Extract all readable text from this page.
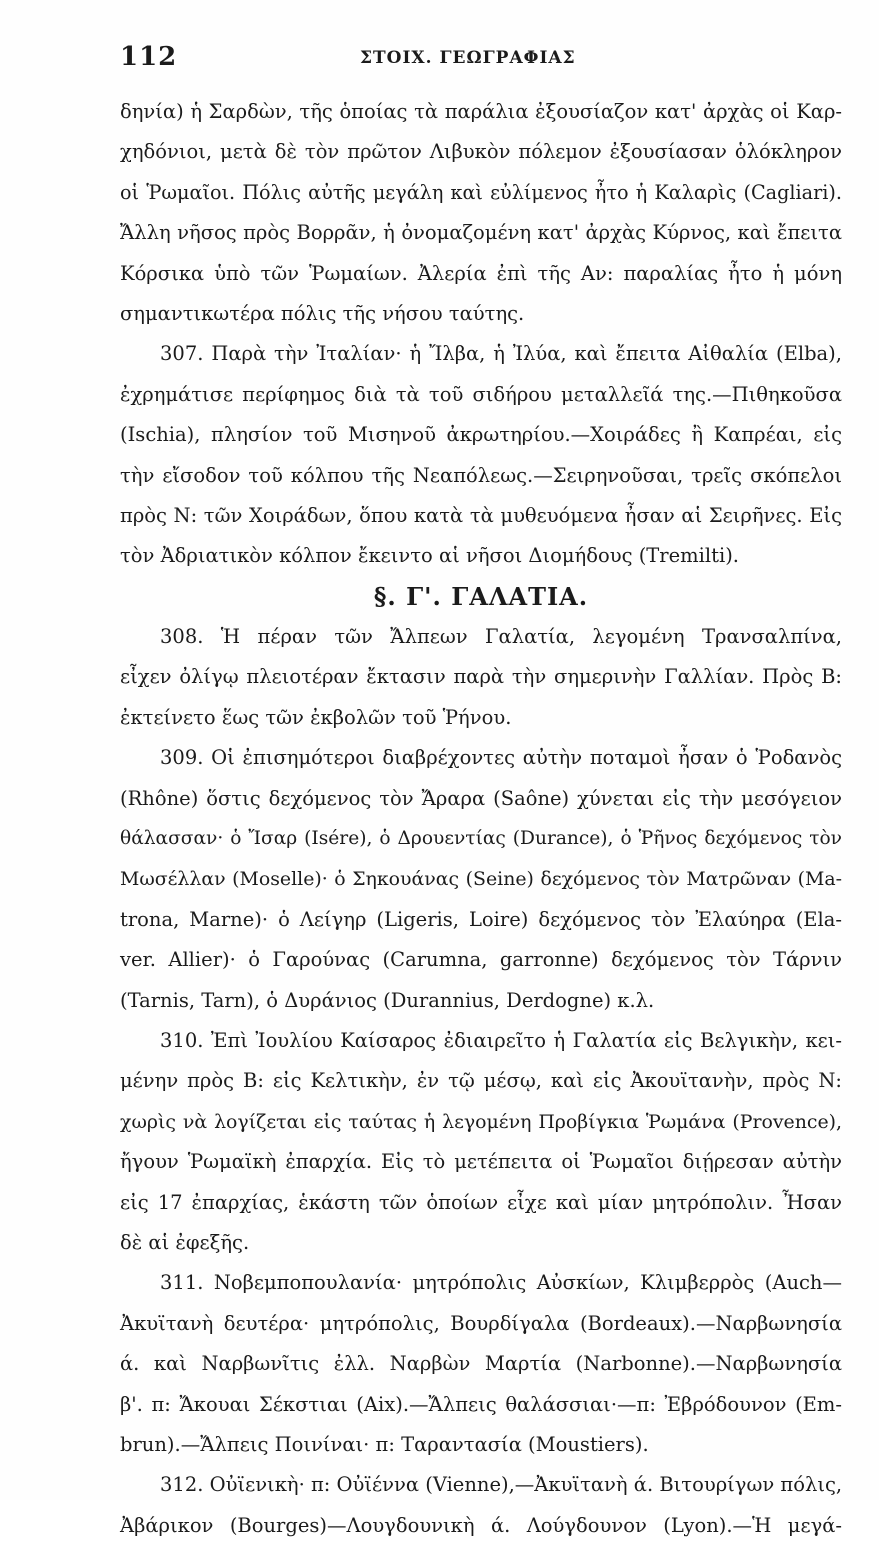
112	ΣΤΟΙΧ. ΓΕΩΓΡΑΦΙΑΣ
δηνία) ἡ Σαρδὼν, τῆς ὁποίας τὰ παράλια ἐξουσίαζον κατ' ἀρχὰς οἱ Καρ-
χηδόνιοι, μετὰ δὲ τὸν πρῶτον Λιβυκὸν πόλεμον ἐξουσίασαν ὁλόκληρον
οἱ Ῥωμαῖοι. Πόλις αὐτῆς μεγάλη καὶ εὐλίμενος ἦτο ἡ Καλαρὶς (Cagliari).
Ἄλλη νῆσος πρὸς Βορρᾶν, ἡ ὀνομαζομένη κατ' ἀρχὰς Κύρνος, καὶ ἔπειτα
Κόρσικα ὑπὸ τῶν Ῥωμαίων. Ἀλερία ἐπὶ τῆς Αν: παραλίας ἦτο ἡ μόνη
σημαντικωτέρα πόλις τῆς νήσου ταύτης.
307. Παρὰ τὴν Ἰταλίαν· ἡ Ἴλβα, ἡ Ἰλύα, καὶ ἔπειτα Αἰθαλία (Elba),
ἐχρημάτισε περίφημος διὰ τὰ τοῦ σιδήρου μεταλλεῖά της.—Πιθηκοῦσα
(Ischia), πλησίον τοῦ Μισηνοῦ ἀκρωτηρίου.—Χοιράδες ἢ Καπρέαι, εἰς
τὴν εἴσοδον τοῦ κόλπου τῆς Νεαπόλεως.—Σειρηνοῦσαι, τρεῖς σκόπελοι
πρὸς Ν: τῶν Χοιράδων, ὅπου κατὰ τὰ μυθευόμενα ἦσαν αἱ Σειρῆνες. Εἰς
τὸν Ἀδριατικὸν κόλπον ἔκειντο αἱ νῆσοι Διομήδους (Tremilti).
§. Γ'. ΓΑΛΑΤΙΑ.
308. Ἡ πέραν τῶν Ἄλπεων Γαλατία, λεγομένη Τρανσαλπίνα,
εἶχεν ὀλίγῳ πλειοτέραν ἔκτασιν παρὰ τὴν σημερινὴν Γαλλίαν. Πρὸς Β:
ἐκτείνετο ἕως τῶν ἐκβολῶν τοῦ Ῥήνου.
309. Οἱ ἐπισημότεροι διαβρέχοντες αὐτὴν ποταμοὶ ἦσαν ὁ Ῥοδανὸς
(Rhône) ὅστις δεχόμενος τὸν Ἄραρα (Saône) χύνεται εἰς τὴν μεσόγειον
θάλασσαν· ὁ Ἴσαρ (Isére), ὁ Δρουεντίας (Durance), ὁ Ῥῆνος δεχόμενος τὸν
Μωσέλλαν (Moselle)· ὁ Σηκουάνας (Seine) δεχόμενος τὸν Ματρῶναν (Ma-
trona, Marne)· ὁ Λείγηρ (Ligeris, Loire) δεχόμενος τὸν Ἐλαύηρα (Ela-
ver. Allier)· ὁ Γαρούνας (Carumna, garronne) δεχόμενος τὸν Τάρνιν
(Tarnis, Tarn), ὁ Δυράνιος (Durannius, Derdogne) κ.λ.
310. Ἐπὶ Ἰουλίου Καίσαρος ἐδιαιρεῖτο ἡ Γαλατία εἰς Βελγικὴν, κει-
μένην πρὸς Β: εἰς Κελτικὴν, ἐν τῷ μέσῳ, καὶ εἰς Ἀκουϊτανὴν, πρὸς Ν:
χωρὶς νὰ λογίζεται εἰς ταύτας ἡ λεγομένη Προβίγκια Ῥωμάνα (Provence),
ἤγουν Ῥωμαϊκὴ ἐπαρχία. Εἰς τὸ μετέπειτα οἱ Ῥωμαῖοι διῄρεσαν αὐτὴν
εἰς 17 ἐπαρχίας, ἑκάστη τῶν ὁποίων εἶχε καὶ μίαν μητρόπολιν. Ἦσαν
δὲ αἱ ἐφεξῆς.
311. Νοβεμποπουλανία· μητρόπολις Αὐσκίων, Κλιμβερρὸς (Auch—
Ἀκυϊτανὴ δευτέρα· μητρόπολις, Βουρδίγαλα (Bordeaux).—Ναρβωνησία
ά. καὶ Ναρβωνῖτις ἐλλ. Ναρβὼν Μαρτία (Narbonne).—Ναρβωνησία
β'. π: Ἄκουαι Σέκστιαι (Aix).—Ἄλπεις θαλάσσιαι·—π: Ἐβρόδουνον (Em-
brun).—Ἄλπεις Ποινίναι· π: Ταραντασία (Moustiers).
312. Οὐϊενικὴ· π: Οὐϊέννα (Vienne),—Ἀκυϊτανὴ ά. Βιτουρίγων πόλις,
Ἀβάρικον (Bourges)—Λουγδουνικὴ ά. Λούγδουνον (Lyon).—Ἡ μεγά-
